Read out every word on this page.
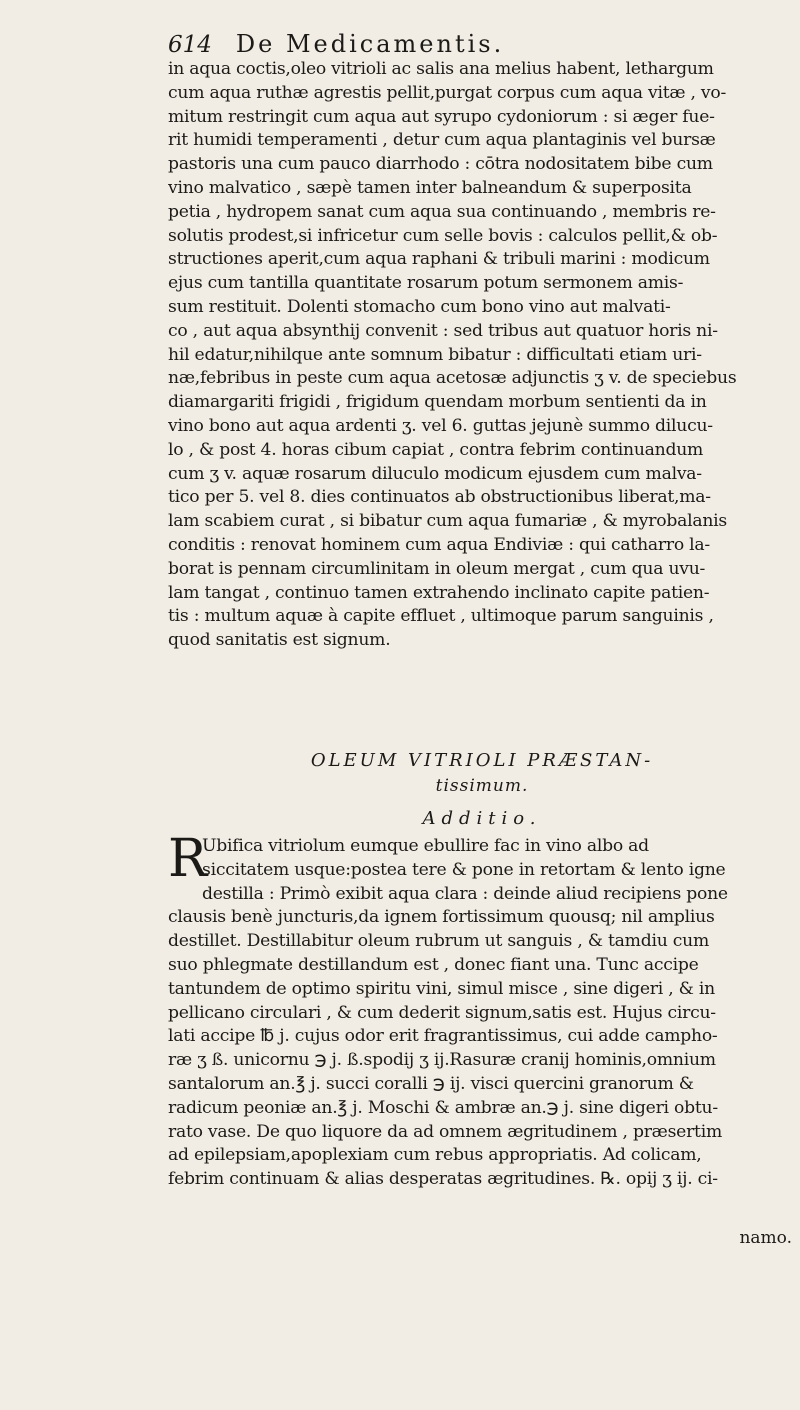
614 De Medicamentis.

in aqua coctis,oleo vitrioli ac salis ana melius habent, lethargum
cum aqua ruthæ agrestis pellit,purgat corpus cum aqua vitæ , vo-
mitum restringit cum aqua aut syrupo cydoniorum : si æger fue-
rit humidi temperamenti , detur cum aqua plantaginis vel bursæ
pastoris una cum pauco diarrhodo : cōtra nodositatem bibe cum
vino malvatico , sæpè tamen inter balneandum & superposita
petia , hydropem sanat cum aqua sua continuando , membris re-
solutis prodest,si infricetur cum selle bovis : calculos pellit,& ob-
structiones aperit,cum aqua raphani & tribuli marini : modicum
ejus cum tantilla quantitate rosarum potum sermonem amis-
sum restituit. Dolenti stomacho cum bono vino aut malvati-
co , aut aqua absynthij convenit : sed tribus aut quatuor horis ni-
hil edatur,nihilque ante somnum bibatur : difficultati etiam uri-
næ,febribus in peste cum aqua acetosæ adjunctis ʒ v. de speciebus
diamargariti frigidi , frigidum quendam morbum sentienti da in
vino bono aut aqua ardenti ʒ. vel 6. guttas jejunè summo dilucu-
lo , & post 4. horas cibum capiat , contra febrim continuandum
cum ʒ v. aquæ rosarum diluculo modicum ejusdem cum malva-
tico per 5. vel 8. dies continuatos ab obstructionibus liberat,ma-
lam scabiem curat , si bibatur cum aqua fumariæ , & myrobalanis
conditis : renovat hominem cum aqua Endiviæ : qui catharro la-
borat is pennam circumlinitam in oleum mergat , cum qua uvu-
lam tangat , continuo tamen extrahendo inclinato capite patien-
tis : multum aquæ à capite effluet , ultimoque parum sanguinis ,
quod sanitatis est signum.

OLEUM VITRIOLI PRÆSTAN-
tissimum.
Additio.
R
Ubifica vitriolum eumque ebullire fac in vino albo ad
siccitatem usque:postea tere & pone in retortam & lento igne
destilla : Primò exibit aqua clara : deinde aliud recipiens pone
clausis benè juncturis,da ignem fortissimum quousq; nil amplius
destillet. Destillabitur oleum rubrum ut sanguis , & tamdiu cum
suo phlegmate destillandum est , donec fiant una. Tunc accipe
tantundem de optimo spiritu vini, simul misce , sine digeri , & in
pellicano circulari , & cum dederit signum,satis est. Hujus circu-
lati accipe ℔ j. cujus odor erit fragrantissimus, cui adde campho-
ræ ʒ ß. unicornu ℈ j. ß.spodij ʒ ij.Rasuræ cranij hominis,omnium
santalorum an.℥ j. succi coralli ℈ ij. visci quercini granorum &
radicum peoniæ an.℥ j. Moschi & ambræ an.℈ j. sine digeri obtu-
rato vase. De quo liquore da ad omnem ægritudinem , præsertim
ad epilepsiam,apoplexiam cum rebus appropriatis. Ad colicam,
febrim continuam & alias desperatas ægritudines. ℞. opij ʒ ij. ci-
namo.
